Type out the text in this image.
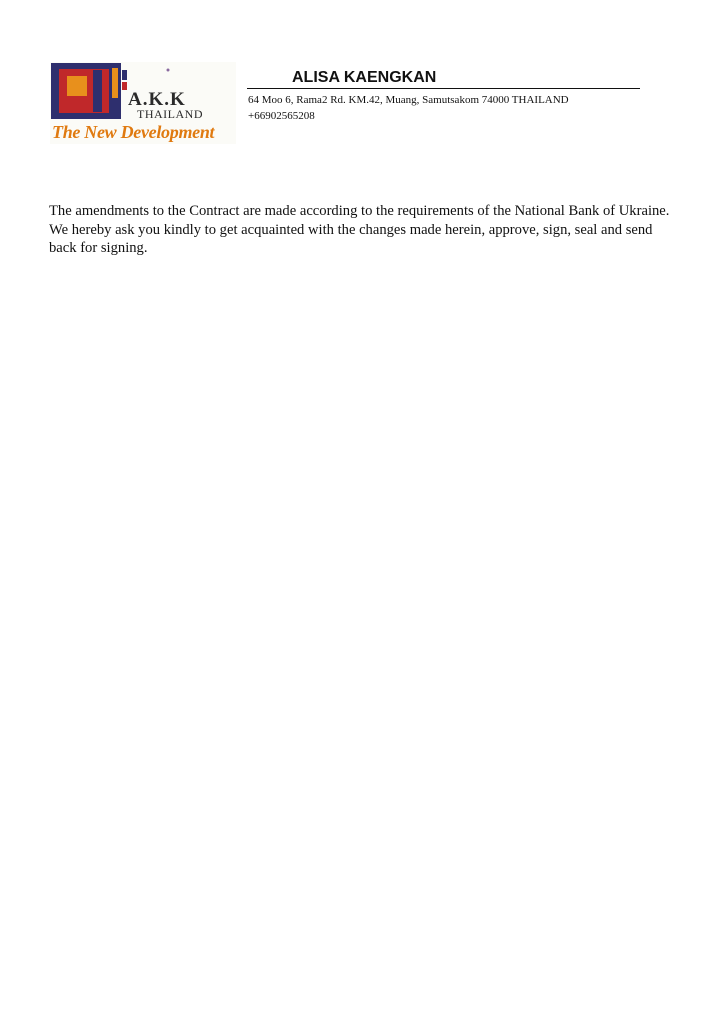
A.K.K
THAILAND
The New Development
ALISA KAENGKAN
64 Moo 6, Rama2 Rd. KM.42, Muang, Samutsakom 74000 THAILAND
+66902565208
The amendments to the Contract are made according to the requirements of the National Bank of Ukraine. We hereby ask you kindly to get acquainted with the changes made herein, approve, sign, seal and send back for signing.
